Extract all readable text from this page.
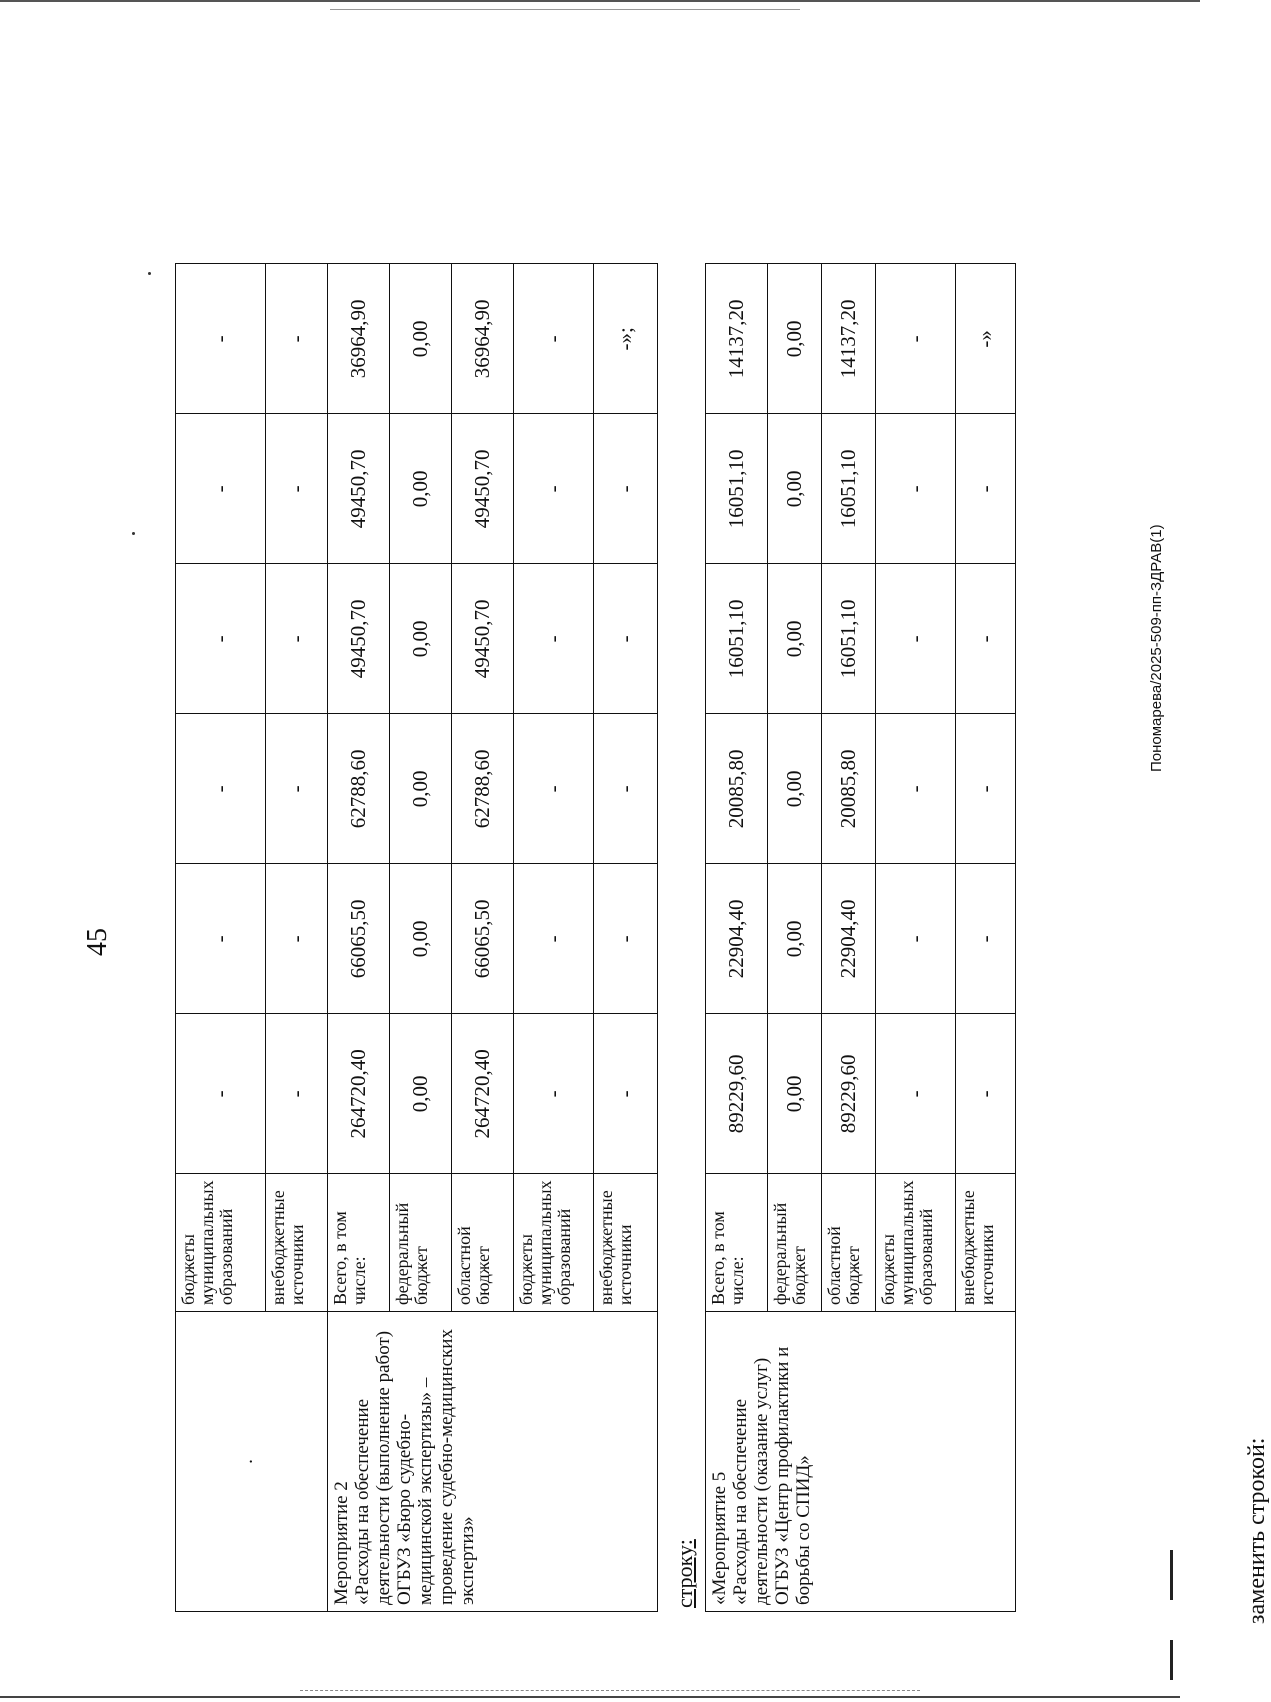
45
·	бюджеты муниципальных образований	-	-	-	-	-	-
	внебюджетные источники	-	-	-	-	-	-

Мероприятие 2 «Расходы на обеспечение деятельности (выполнение работ) ОГБУЗ «Бюро судебно-медицинской экспертизы» – проведение судебно-медицинских экспертиз»	Всего, в том числе:	264720,40	66065,50	62788,60	49450,70	49450,70	36964,90
	федеральный бюджет	0,00	0,00	0,00	0,00	0,00	0,00
	областной бюджет	264720,40	66065,50	62788,60	49450,70	49450,70	36964,90
	бюджеты муниципальных образований	-	-	-	-	-	-
	внебюджетные источники	-	-	-	-	-	-»;
строку: «Мероприятие 5 «Расходы на обеспечение деятельности (оказание услуг) ОГБУЗ «Центр профилактики и борьбы со СПИД»	Всего, в том числе:	89229,60	22904,40	20085,80	16051,10	16051,10	14137,20
	федеральный бюджет	0,00	0,00	0,00	0,00	0,00	0,00
	областной бюджет	89229,60	22904,40	20085,80	16051,10	16051,10	14137,20
	бюджеты муниципальных образований	-	-	-	-	-	-
	внебюджетные источники	-	-	-	-	-	-»
заменить строкой:
Пономарева/2025-509-пп-ЗДРАВ(1)
